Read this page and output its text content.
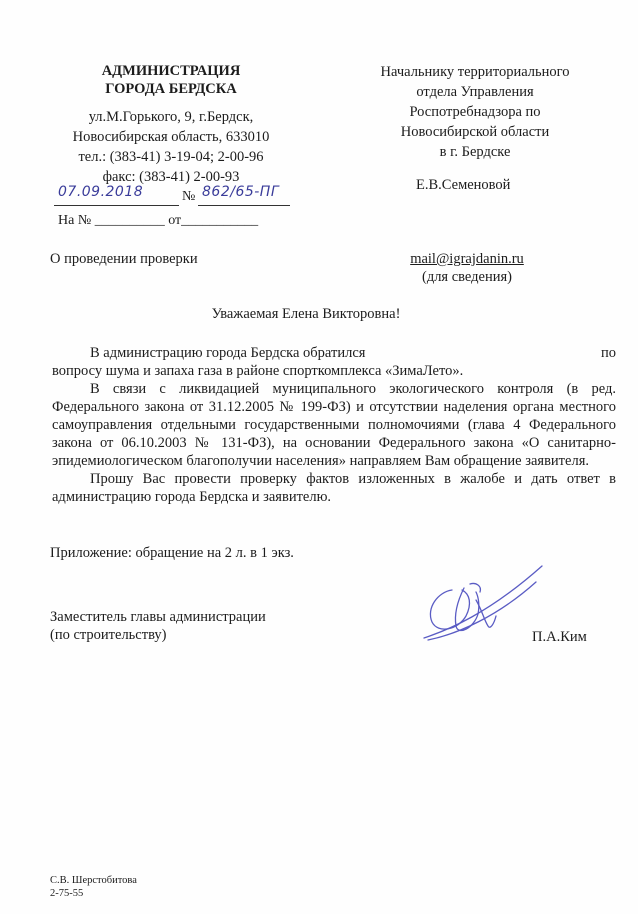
АДМИНИСТРАЦИЯ
ГОРОДА БЕРДСКА
ул.М.Горького, 9, г.Бердск,
Новосибирская область, 633010
тел.: (383-41) 3-19-04; 2-00-96
факс: (383-41) 2-00-93
07.09.2018	№ 862/65-ПГ
На № __________ от___________
Начальнику территориального
отдела Управления
Роспотребнадзора по
Новосибирской области
в г. Бердске
Е.В.Семеновой
О проведении проверки	mail@igrajdanin.ru
(для сведения)
Уважаемая Елена Викторовна!
В администрацию города Бердска обратился	по
вопросу шума и запаха газа в районе спорткомплекса «ЗимаЛето».
В связи с ликвидацией муниципального экологического контроля (в ред. Федерального закона от 31.12.2005 № 199-ФЗ) и отсутствии наделения органа местного самоуправления отдельными государственными полномочиями (глава 4 Федерального закона от 06.10.2003 № 131-ФЗ), на основании Федерального закона «О санитарно-эпидемиологическом благополучии населения» направляем Вам обращение заявителя.
Прошу Вас провести проверку фактов изложенных в жалобе и дать ответ в администрацию города Бердска и заявителю.
Приложение: обращение на 2 л. в 1 экз.
Заместитель главы администрации
(по строительству)	П.А.Ким
С.В. Шерстобитова
2-75-55
